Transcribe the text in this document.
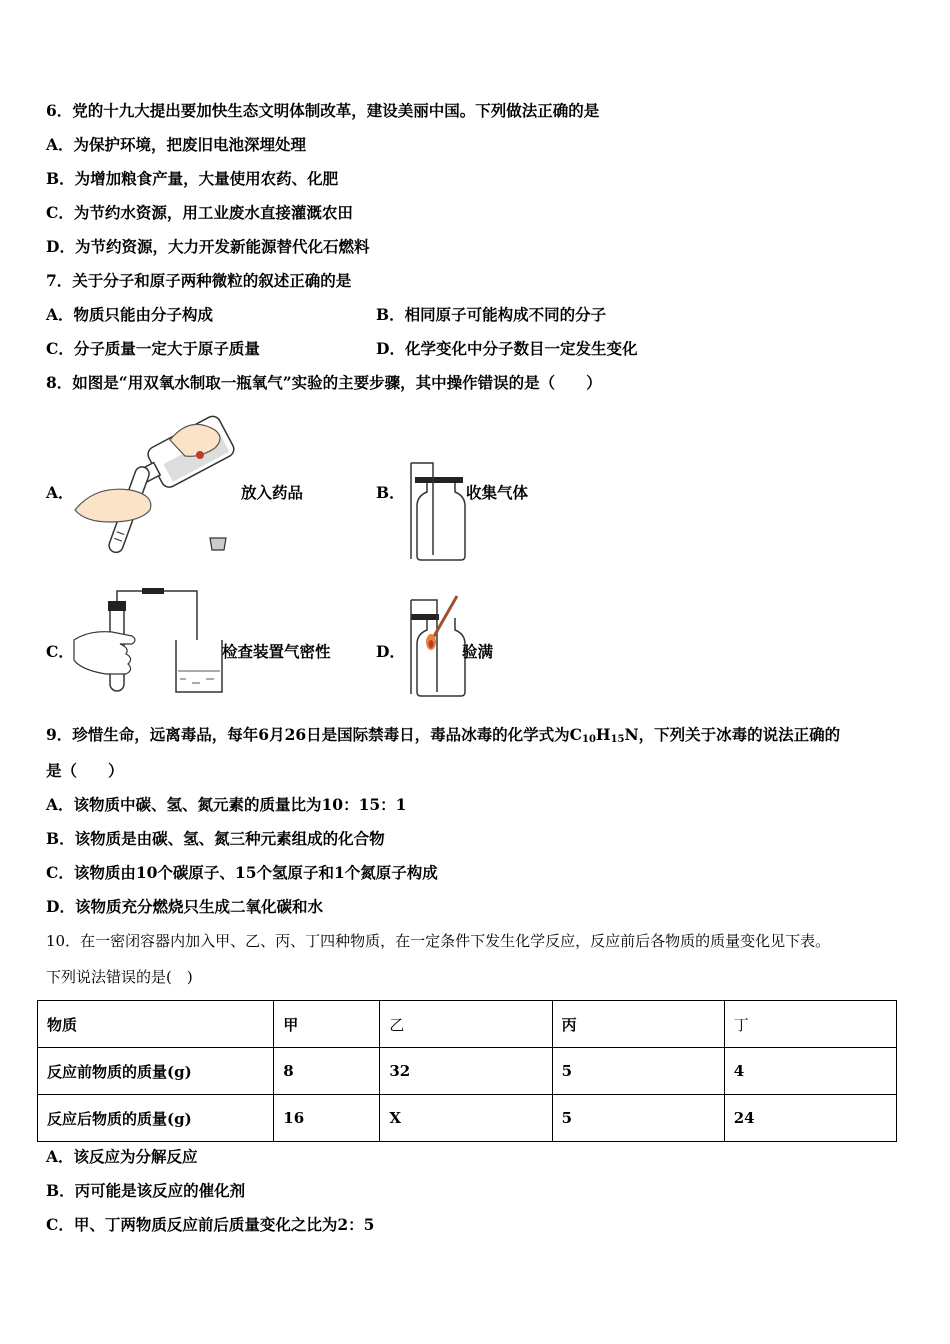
6．党的十九大提出要加快生态文明体制改革，建设美丽中国。下列做法正确的是
A．为保护环境，把废旧电池深埋处理
B．为增加粮食产量，大量使用农药、化肥
C．为节约水资源，用工业废水直接灌溉农田
D．为节约资源，大力开发新能源替代化石燃料
7．关于分子和原子两种微粒的叙述正确的是
A．物质只能由分子构成	B．相同原子可能构成不同的分子
C．分子质量一定大于原子质量	D．化学变化中分子数目一定发生变化
8．如图是“用双氧水制取一瓶氧气”实验的主要步骤，其中操作错误的是（　　）
A．	放入药品	B．	收集气体
C．	检查装置气密性	D．	验满
9．珍惜生命，远离毒品，每年6月26日是国际禁毒日，毒品冰毒的化学式为$C_{10}H_{15}N$，下列关于冰毒的说法正确的
是（　　）
A．该物质中碳、氢、氮元素的质量比为10：15：1
B．该物质是由碳、氢、氮三种元素组成的化合物
C．该物质由10个碳原子、15个氢原子和1个氮原子构成
D．该物质充分燃烧只生成二氧化碳和水
10．在一密闭容器内加入甲、乙、丙、丁四种物质，在一定条件下发生化学反应，反应前后各物质的质量变化见下表。
下列说法错误的是(　)
物质	甲	乙	丙	丁
反应前物质的质量(g)	8	32	5	4
反应后物质的质量(g)	16	X	5	24
A．该反应为分解反应
B．丙可能是该反应的催化剂
C．甲、丁两物质反应前后质量变化之比为2：5
